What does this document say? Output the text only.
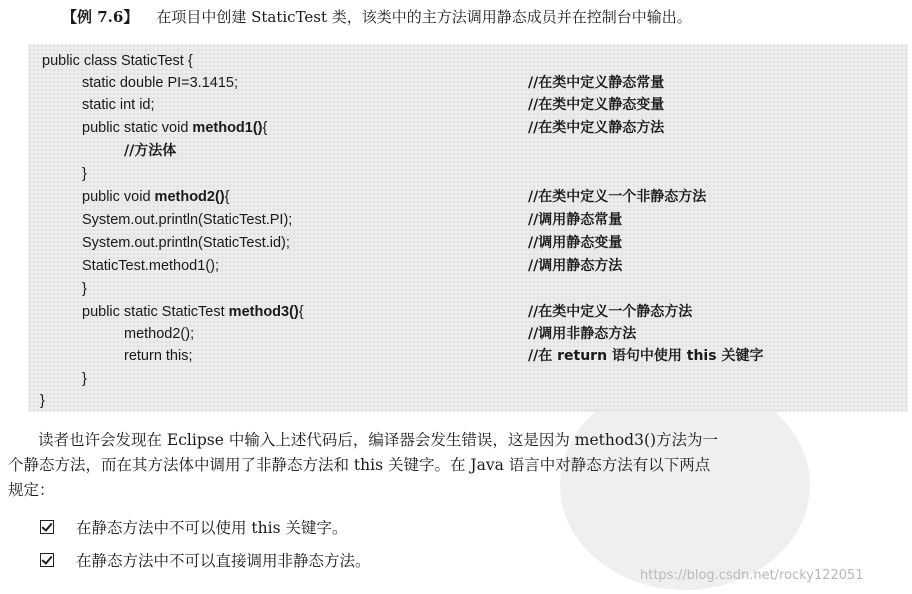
【例 7.6】 在项目中创建 StaticTest 类，该类中的主方法调用静态成员并在控制台中输出。
public class StaticTest {
static double PI=3.1415;	//在类中定义静态常量
static int id;	//在类中定义静态变量
public static void method1(){	//在类中定义静态方法
//方法体
}
public void method2(){	//在类中定义一个非静态方法
System.out.println(StaticTest.PI);	//调用静态常量
System.out.println(StaticTest.id);	//调用静态变量
StaticTest.method1();	//调用静态方法
}
public static StaticTest method3(){	//在类中定义一个静态方法
method2();	//调用非静态方法
return this;	//在 return 语句中使用 this 关键字
}
}
读者也许会发现在 Eclipse 中输入上述代码后，编译器会发生错误，这是因为 method3()方法为一
个静态方法，而在其方法体中调用了非静态方法和 this 关键字。在 Java 语言中对静态方法有以下两点
规定：
在静态方法中不可以使用 this 关键字。
在静态方法中不可以直接调用非静态方法。
https://blog.csdn.net/rocky122051
